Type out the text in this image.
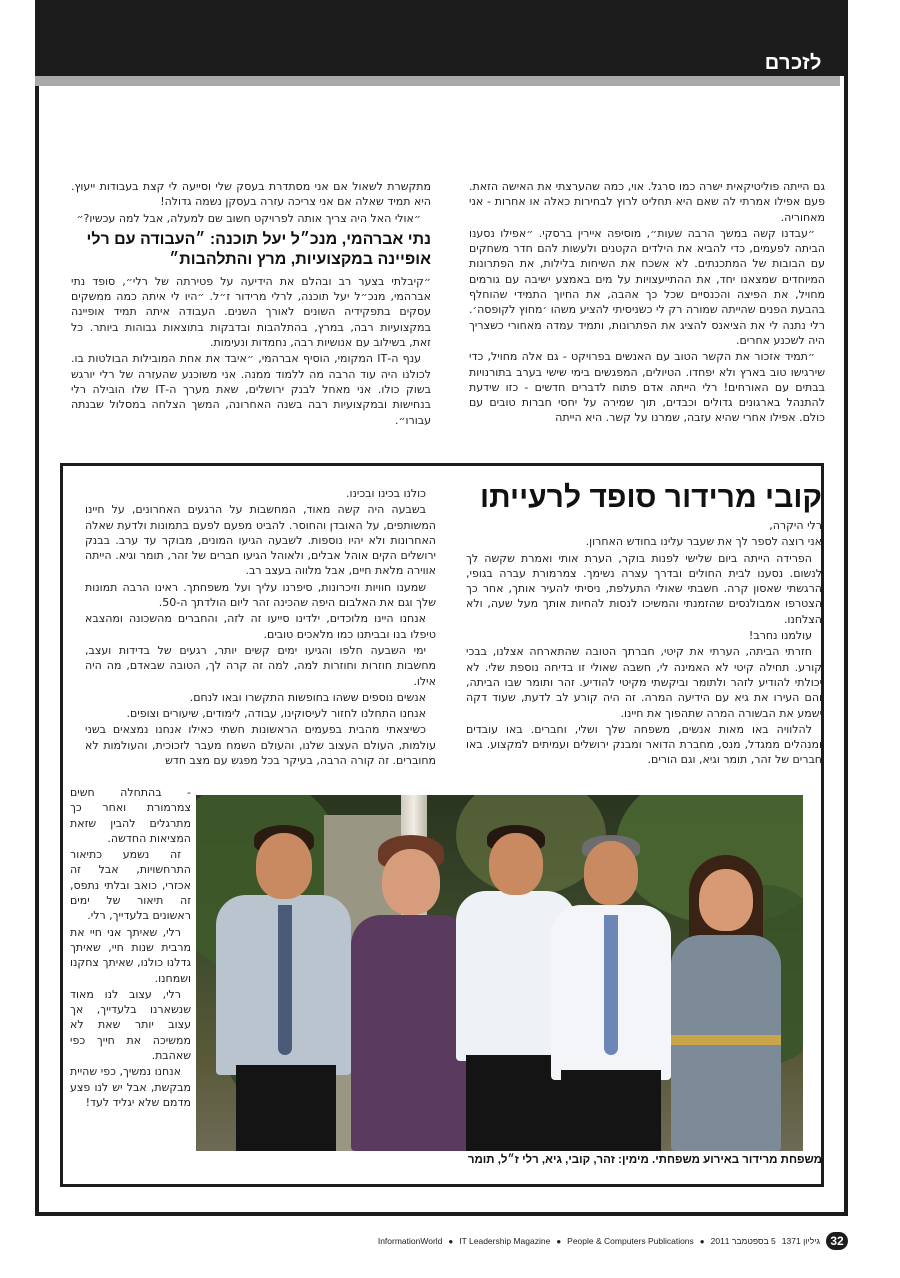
לזכרם

גם הייתה פוליטיקאית ישרה כמו סרגל. אוי, כמה שהערצתי את האישה הזאת. פעם אפילו אמרתי לה שאם היא תחליט לרוץ לבחירות כאלה או אחרות - אני מאחוריה.

״עבדנו קשה במשך הרבה שעות״, מוסיפה איירין ברסקי. ״אפילו נסענו הביתה לפעמים, כדי להביא את הילדים הקטנים ולעשות להם חדר משחקים עם הבובות של המתכנתים. לא אשכח את השיחות בלילות, את הפתרונות המיוחדים שמצאנו יחד, את ההתייעצויות על מי‏ם באמצע ישיבה עם גורמים מחויל, את הפיצה והכנסיים שכל כך אהבה, את החיוך התמידי שהוחלף בהבעת הפנים שהייתה שמורה רק לי כשניסיתי להציע משהו ׳מחוץ לקופסה׳. רלי נתנה לי את הציאנס להציג את הפתרונות, ותמיד עמדה מאחורי כשצריך היה לשכנע אחרים.

״תמיד אזכור את הקשר הטוב עם האנשים בפרויקט - גם אלה מחויל, כדי שירגישו טוב בארץ ולא יפחדו. הטיולים, המפגשים בימי שישי בערב בתורנויות בבתים עם האורחים! רלי הייתה אדם פתוח לדברים חדשים - כזו שידעת להתנהל בארגונים גדולים וכבדים, תוך שמירה על יחסי חברות טובים עם כולם. אפילו אחרי שהיא עזבה, שמרנו על קשר. היא הייתה

מתקשרת לשאול אם אני מסתדרת בעסק שלי וסייעה לי קצת בעבודות ייעוץ. היא תמיד שאלה אם אני צריכה עזרה בעסקן נשמה גדולה!

״אולי האל היה צריך אותה לפרויקט חשוב שם למעלה, אבל למה עכשיו?״

נתי אברהמי, מנכ״ל יעל תוכנה: ״העבודה עם רלי אופיינה במקצועיות, מרץ והתלהבות״

״קיבלתי בצער רב ובהלם את הידיעה על פטירתה של רלי״, סופד נתי אברהמי, מנכ״ל יעל תוכנה, לרלי מרידור ז״ל. ״היו לי איתה כמה ממשקים עסקים בתפקידיה השונים לאורך השנים. העבודה איתה תמיד אופיינה במקצועיות רבה, במרץ, בהתלהבות ובדבקות בתוצאות גבוהות ביותר. כל זאת, בשילוב עם אנושיות רבה, נחמדות ונעימות.

ענף ה-IT המקומי, הוסיף אברהמי, ״איבד את אחת המובילות הבולטות בו. לכולנו היה עוד הרבה מה ללמוד ממנה. אני משוכנע שהעזרה של רלי יורגש בשוק כולו. אני מאחל לבנק ירושלים, שאת מערך ה-IT שלו הובילה רלי בנחישות ובמקצועיות רבה בשנה האחרונה, המשך הצלחה במסלול שבנתה עבורו״.

קובי מרידור סופד לרעייתו

רלי היקרה,

אני רוצה לספר לך את שעבר עלינו בחודש האחרון.

הפרידה הייתה ביום שלישי לפנות בוקר, הערת אותי ואמרת שקשה לך לנשום. נסענו לבית החולים ובדרך עצרה נשימך. צמרמורת עברה בגופי, הרגשתי שאסון קרה. חשבתי שאולי התעלפת, ניסיתי להעיר אותך, אחר כך הצטרפו אמבולנסים שהזמנתי והמשיכו לנסות להחיות אותך מעל שעה, ולא הצלחנו.

עולמנו נחרב!

חזרתי הביתה, הערתי את קיטי, חברתך הטובה שהתארחה אצלנו, בבכי קורע. תחילה קיטי לא האמינה לי, חשבה שאולי זו בדיחה נוספת שלי. לא יכולתי להודיע לזהר ולתומר וביקשתי מקיטי להודיע. זהר ותומר שבו הביתה, והם העירו את גיא עם הידיעה המרה. זה היה קורע לב לדעת, שעוד דקה ישמע את הבשורה המרה שתהפוך את חיינו.

להלוויה באו מאות אנשים, משפחה שלך ושלי, וחברים. באו עובדים ומנהלים ממגדל, מנס, מחברת הדואר ומבנק ירושלים ועמיתים למקצוע. באו חברים של זהר, תומר וגיא, וגם הורים.

כולנו בכינו ובכינו.

בשבעה היה קשה מאוד, המחשבות על הרגעים האחרונים, על חיינו המשותפים, על האובדן והחוסר. להביט מפעם לפעם בתמונות ולדעת שאלה האחרונות ולא יהיו נוספות. לשבעה הגיעו המונים, מבוקר עד ערב. בבנק ירושלים הקים אוהל אבלים, ולאוהל הגיעו חברים של זהר, תומר וגיא. הייתה אווירה מלאת חיים, אבל מלווה בעצב רב.

שמענו חוויות וזיכרונות, סיפרנו עליך ועל משפחתך. ראינו הרבה תמונות שלך וגם את האלבום היפה שהכינה זהר ליום הולדתך ה-50.

אנחנו היינו מלוכדים, ילדינו סייעו זה לזה, והחברים מהשכונה ומהצבא טיפלו בנו ובביתנו כמו מלאכים טובים.

ימי השבעה חלפו והגיעו ימים קשים יותר, רגעים של בדידות ועצב, מחשבות חוזרות וחוזרות למה, למה זה קרה לך, הטובה שבאדם, מה היה אילו.

אנשים נוספים ששהו בחופשות התקשרו ובאו לנחם.

אנחנו התחלנו לחזור לעיסוקינו, עבודה, לימודים, שיעורים וצופים.

כשיצאתי מהבית בפעמים הראשונות חשתי כאילו אנחנו נמצאים בשני עולמות, העולם העצוב שלנו, והעולם השמח מעבר לזכוכית, והעולמות לא מחוברים. זה קורה הרבה, בעיקר בכל מפגש עם מצב חדש

- בהתחלה חשים צמרמורת ואחר כך מתרגלים להבין שזאת המציאות החדשה.

זה נשמע כתיאור התרחשויות, אבל זה אכזרי, כואב ובלתי נתפס, זה תיאור של ימים ראשונים בלעדייך, רלי.

רלי, שאיתך אני חיי את מרבית שנות חיי, שאיתך גדלנו כולנו, שאיתך צחקנו ושמחנו.

רלי, עצוב לנו מאוד שנשארנו בלעדייך, אך עצוב יותר שאת לא ממשיכה את חייך כפי שאהבת.

אנחנו נמשיך, כפי שהיית מבקשת, אבל יש לנו פצע מדמם שלא יגליד לעד!

משפחת מרידור באירוע משפחתי. מימין: זהר, קובי, גיא, רלי ז״ל, תומר
32
גיליון 1371
5 בספטמבר 2011
●
People & Computers Publications
●
IT Leadership Magazine
●
InformationWorld
